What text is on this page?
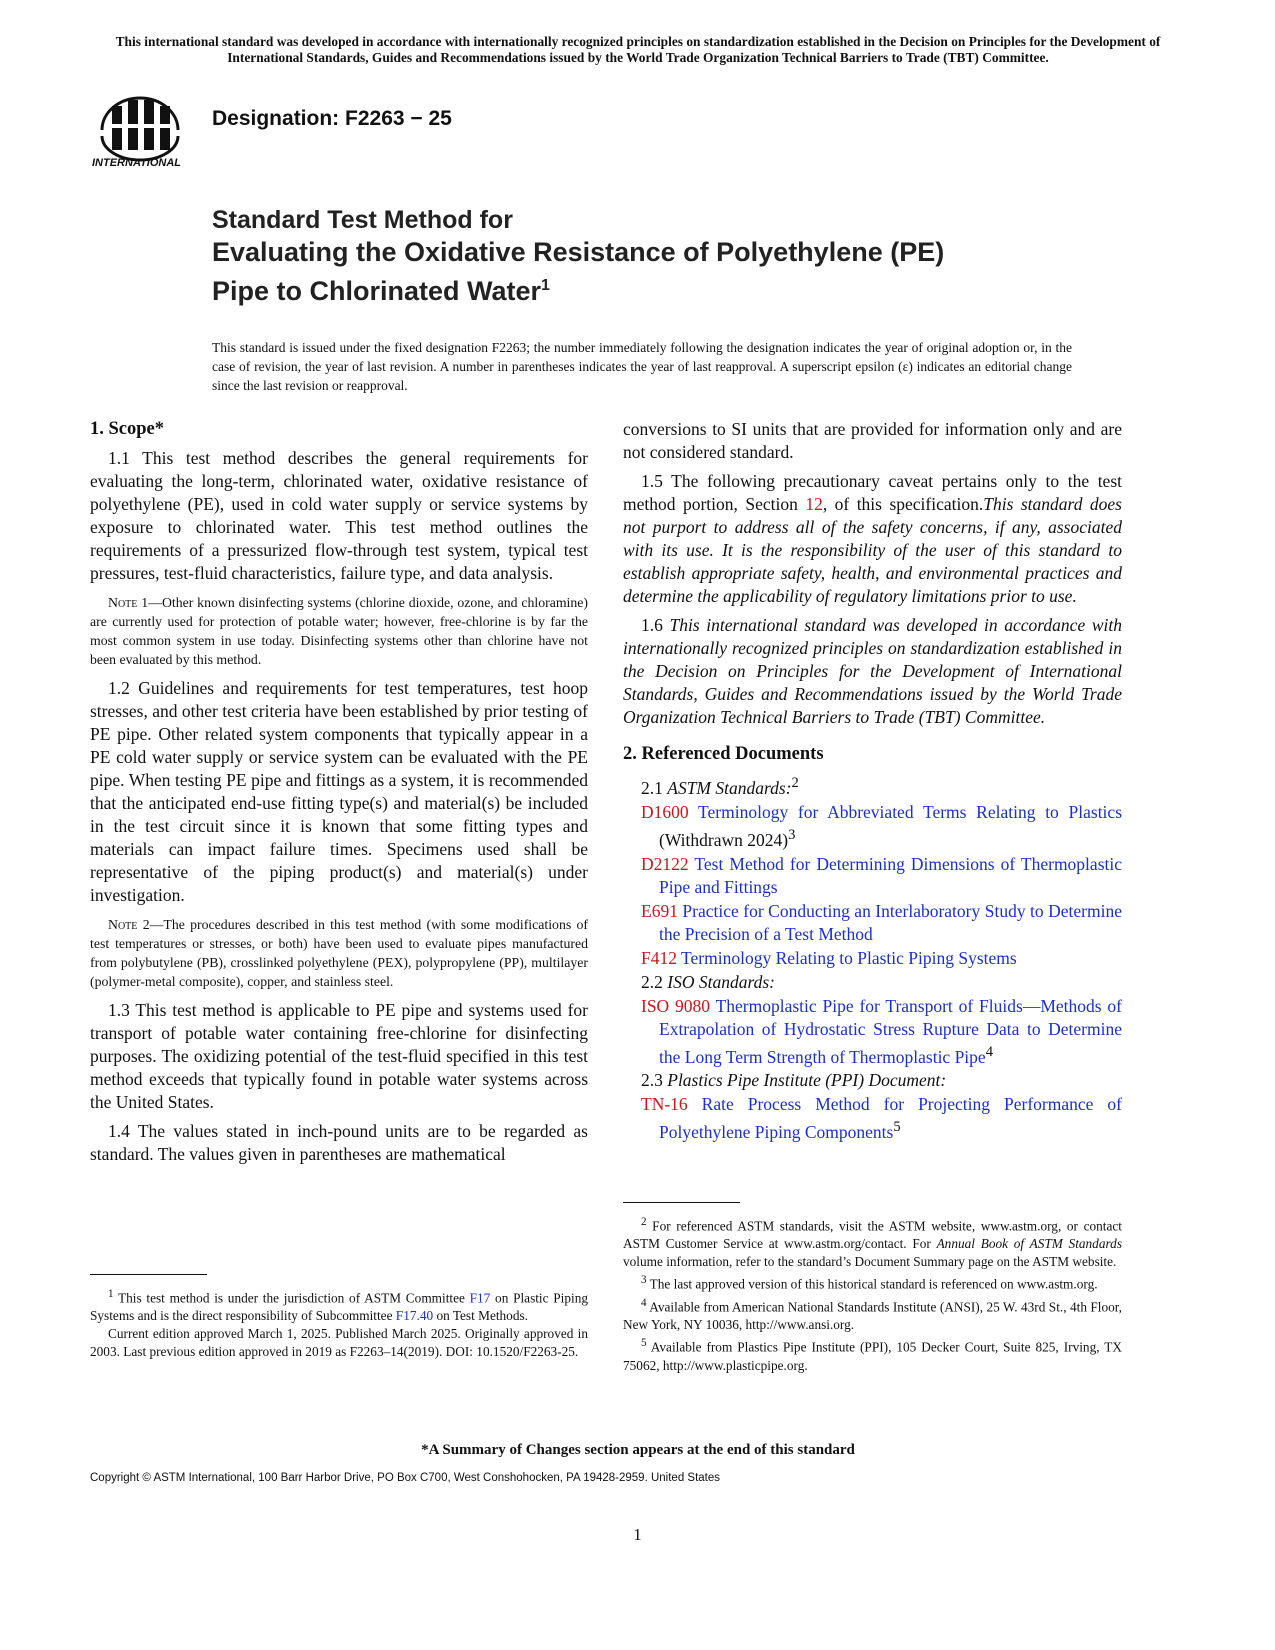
This international standard was developed in accordance with internationally recognized principles on standardization established in the Decision on Principles for the Development of International Standards, Guides and Recommendations issued by the World Trade Organization Technical Barriers to Trade (TBT) Committee.
INTERNATIONAL
Designation: F2263 − 25
Standard Test Method for
Evaluating the Oxidative Resistance of Polyethylene (PE)
Pipe to Chlorinated Water$^1$
This standard is issued under the fixed designation F2263; the number immediately following the designation indicates the year of original adoption or, in the case of revision, the year of last revision. A number in parentheses indicates the year of last reapproval. A superscript epsilon (ε) indicates an editorial change since the last revision or reapproval.
1. Scope*

1.1 This test method describes the general requirements for evaluating the long-term, chlorinated water, oxidative resistance of polyethylene (PE), used in cold water supply or service systems by exposure to chlorinated water. This test method outlines the requirements of a pressurized flow-through test system, typical test pressures, test-fluid characteristics, failure type, and data analysis.

Note 1—Other known disinfecting systems (chlorine dioxide, ozone, and chloramine) are currently used for protection of potable water; however, free-chlorine is by far the most common system in use today. Disinfecting systems other than chlorine have not been evaluated by this method.

1.2 Guidelines and requirements for test temperatures, test hoop stresses, and other test criteria have been established by prior testing of PE pipe. Other related system components that typically appear in a PE cold water supply or service system can be evaluated with the PE pipe. When testing PE pipe and fittings as a system, it is recommended that the anticipated end-use fitting type(s) and material(s) be included in the test circuit since it is known that some fitting types and materials can impact failure times. Specimens used shall be representative of the piping product(s) and material(s) under investigation.

Note 2—The procedures described in this test method (with some modifications of test temperatures or stresses, or both) have been used to evaluate pipes manufactured from polybutylene (PB), crosslinked polyethylene (PEX), polypropylene (PP), multilayer (polymer-metal composite), copper, and stainless steel.

1.3 This test method is applicable to PE pipe and systems used for transport of potable water containing free-chlorine for disinfecting purposes. The oxidizing potential of the test-fluid specified in this test method exceeds that typically found in potable water systems across the United States.

1.4 The values stated in inch-pound units are to be regarded as standard. The values given in parentheses are mathematical

$^1$ This test method is under the jurisdiction of ASTM Committee F17 on Plastic Piping Systems and is the direct responsibility of Subcommittee F17.40 on Test Methods.

Current edition approved March 1, 2025. Published March 2025. Originally approved in 2003. Last previous edition approved in 2019 as F2263–14(2019). DOI: 10.1520/F2263-25.

conversions to SI units that are provided for information only and are not considered standard.

1.5 The following precautionary caveat pertains only to the test method portion, Section 12, of this specification.This standard does not purport to address all of the safety concerns, if any, associated with its use. It is the responsibility of the user of this standard to establish appropriate safety, health, and environmental practices and determine the applicability of regulatory limitations prior to use.

1.6 This international standard was developed in accordance with internationally recognized principles on standardization established in the Decision on Principles for the Development of International Standards, Guides and Recommendations issued by the World Trade Organization Technical Barriers to Trade (TBT) Committee.

2. Referenced Documents
2.1 ASTM Standards:$^2$
D1600 Terminology for Abbreviated Terms Relating to Plastics (Withdrawn 2024)$^3$
D2122 Test Method for Determining Dimensions of Thermoplastic Pipe and Fittings
E691 Practice for Conducting an Interlaboratory Study to Determine the Precision of a Test Method
F412 Terminology Relating to Plastic Piping Systems
2.2 ISO Standards:
ISO 9080 Thermoplastic Pipe for Transport of Fluids—Methods of Extrapolation of Hydrostatic Stress Rupture Data to Determine the Long Term Strength of Thermoplastic Pipe$^4$
2.3 Plastics Pipe Institute (PPI) Document:
TN-16 Rate Process Method for Projecting Performance of Polyethylene Piping Components$^5$

$^2$ For referenced ASTM standards, visit the ASTM website, www.astm.org, or contact ASTM Customer Service at www.astm.org/contact. For Annual Book of ASTM Standards volume information, refer to the standard’s Document Summary page on the ASTM website.

$^3$ The last approved version of this historical standard is referenced on www.astm.org.

$^4$ Available from American National Standards Institute (ANSI), 25 W. 43rd St., 4th Floor, New York, NY 10036, http://www.ansi.org.

$^5$ Available from Plastics Pipe Institute (PPI), 105 Decker Court, Suite 825, Irving, TX 75062, http://www.plasticpipe.org.

*A Summary of Changes section appears at the end of this standard
Copyright © ASTM International, 100 Barr Harbor Drive, PO Box C700, West Conshohocken, PA 19428-2959. United States
1
